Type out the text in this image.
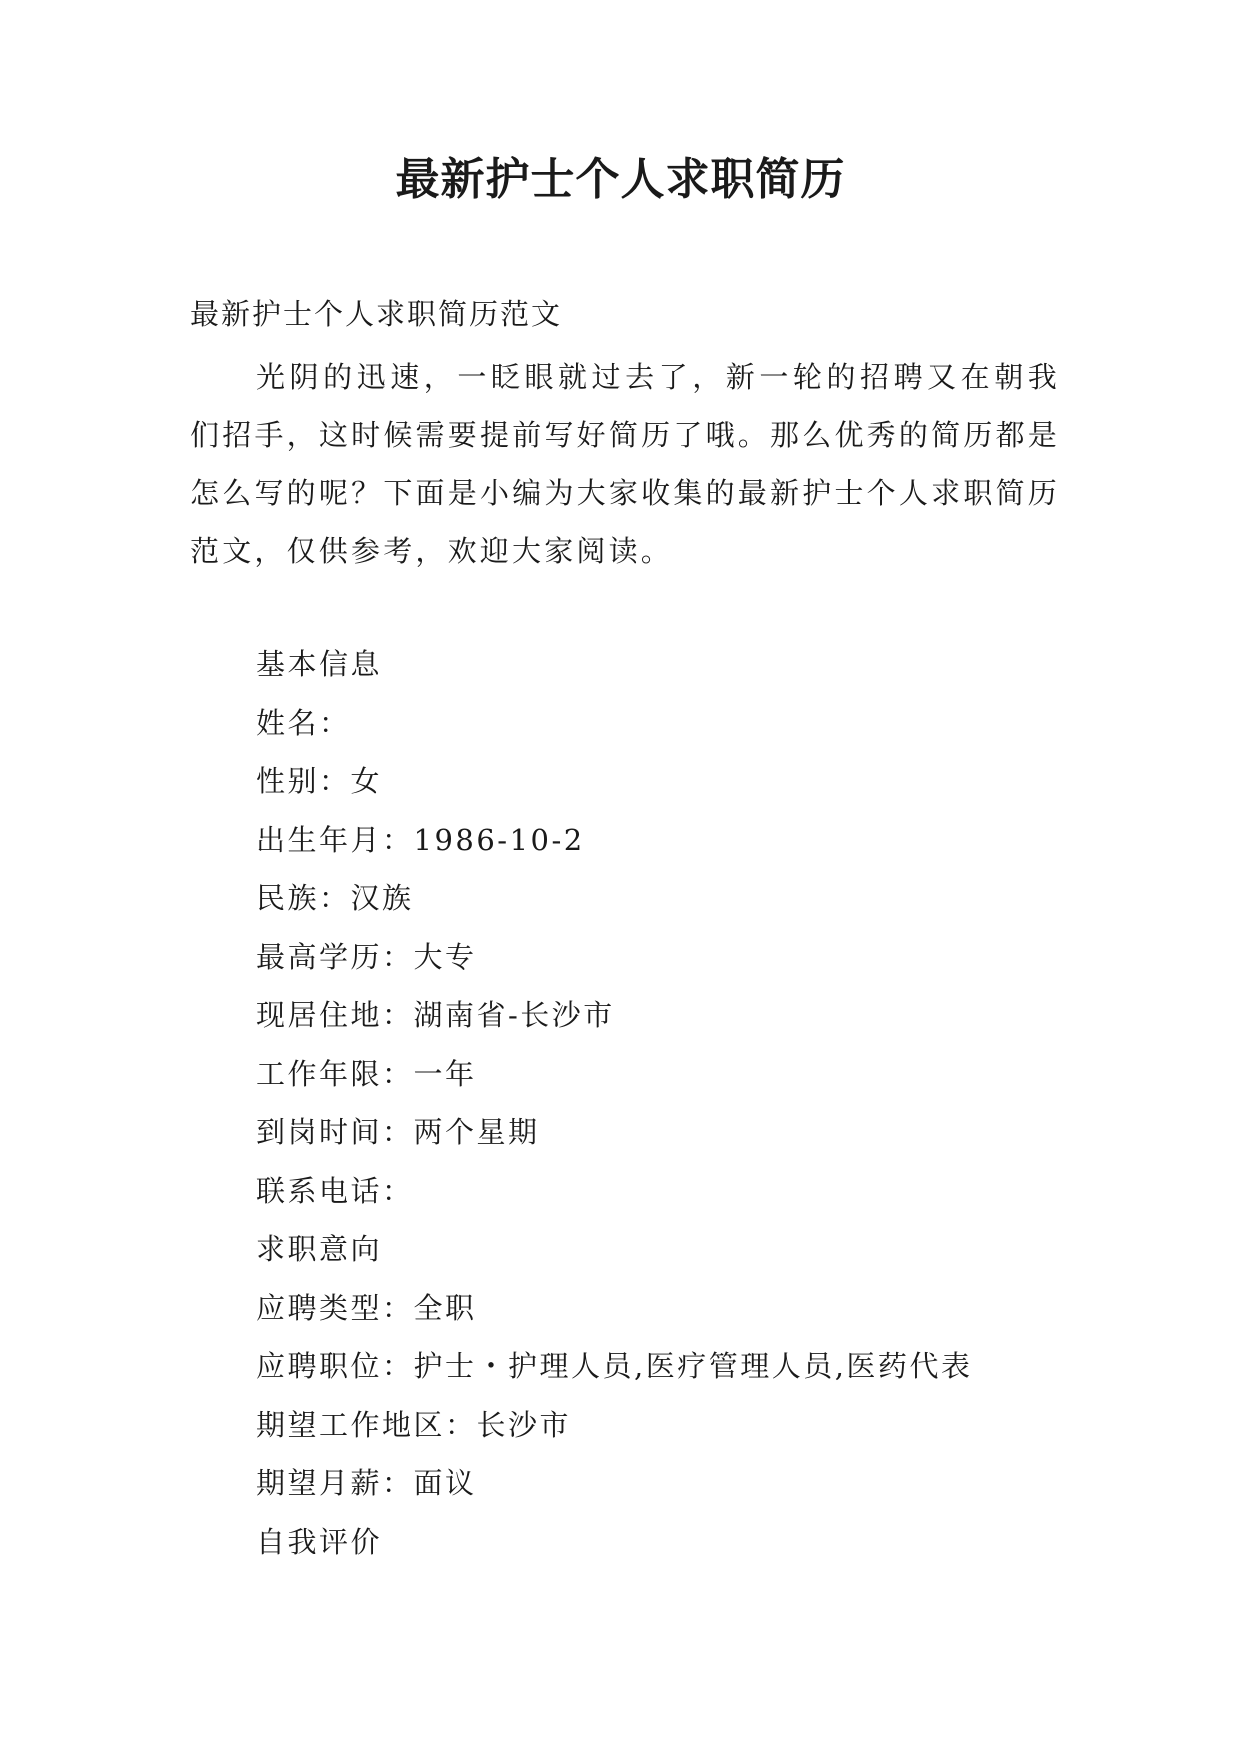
最新护士个人求职简历

最新护士个人求职简历范文

光阴的迅速，一眨眼就过去了，新一轮的招聘又在朝我们招手，这时候需要提前写好简历了哦。那么优秀的简历都是怎么写的呢？下面是小编为大家收集的最新护士个人求职简历范文，仅供参考，欢迎大家阅读。

基本信息
姓名：
性别：女
出生年月：1986-10-2
民族：汉族
最高学历：大专
现居住地：湖南省-长沙市
工作年限：一年
到岗时间：两个星期
联系电话：
求职意向
应聘类型：全职
应聘职位：护士・护理人员,医疗管理人员,医药代表
期望工作地区：长沙市
期望月薪：面议
自我评价
